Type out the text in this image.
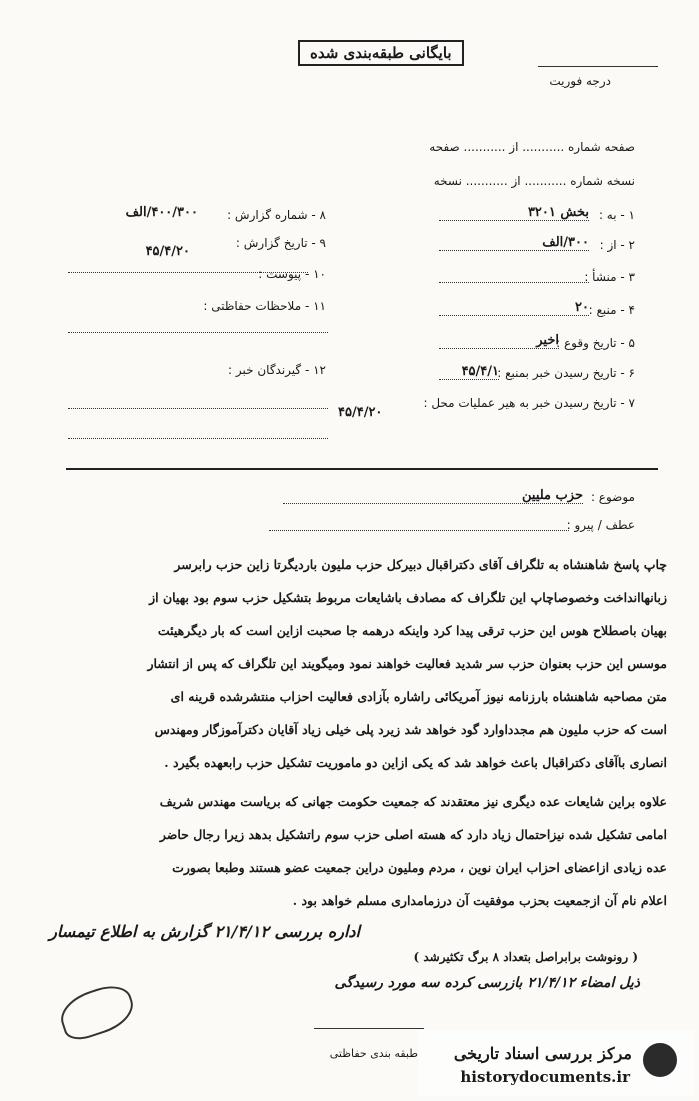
بایگانی طبقه‌بندی شده
درجه فوریت
صفحه شماره ........... از ........... صفحه
نسخه شماره ........... از ........... نسخه
۱ - به :
بخش ۳۲۰۱
۲ - از :
۳۰۰/الف
۳ - منشأ :
۴ - منبع :
۲۰
۵ - تاریخ وقوع :
اخیر
۶ - تاریخ رسیدن خبر بمنبع :
۴۵/۴/۱
۷ - تاریخ رسیدن خبر به هیر عملیات محل :
۴۵/۴/۲۰
۸ - شماره گزارش :
۴۰۰/۳۰۰/الف
۹ - تاریخ گزارش :
۴۵/۴/۲۰
۱۰ - پیوست :
۱۱ - ملاحظات حفاظتی :
۱۲ - گیرندگان خبر :
موضوع :
حزب ملیین
عطف / پیرو :
چاپ پاسخ شاهنشاه به تلگراف آقای دکتراقبال دبیرکل حزب ملیون باردیگرتا زاین حزب رابرسر
زبانهاانداخت وخصوصاچاپ این تلگراف که مصادف باشایعات مربوط بتشکیل حزب سوم بود بهیان از
بهیان باصطلاح هوس این حزب ترقی پیدا کرد واینکه درهمه جا صحبت ازاین است که بار دیگرهیئت
موسس این حزب بعنوان حزب سر شدید فعالیت خواهند نمود ومیگویند این تلگراف که پس از انتشار
متن مصاحبه شاهنشاه بارزنامه نیوز آمریکائی راشاره بآزادی فعالیت احزاب منتشرشده قرینه ای
است که حزب ملیون هم مجدداوارد گود خواهد شد زیرد پلی خیلی زیاد آقایان دکترآموزگار ومهندس
انصاری باآقای دکتراقبال باعث خواهد شد که یکی ازاین دو ماموریت تشکیل حزب رابعهده بگیرد .
علاوه براین شایعات عده دیگری نیز معتقدند که جمعیت حکومت جهانی که بریاست مهندس شریف
امامی تشکیل شده نیزاحتمال زیاد دارد که هسته اصلی حزب سوم راتشکیل بدهد زیرا رجال حاضر
عده زیادی ازاعضای احزاب ایران نوین ، مردم وملیون دراین جمعیت عضو هستند وطبعا بصورت
اعلام نام آن ازجمعیت بحزب موفقیت آن درزمامداری مسلم خواهد بود .
( رونوشت برابراصل بتعداد ۸ برگ تکثیرشد )
اداره بررسی ۲۱/۴/۱۲ گزارش به اطلاع تیمسار
ذیل امضاء ۲۱/۴/۱۲ بازرسی کرده سه مورد رسیدگی
طبقه بندی حفاظتی	مرکز بررسی اسناد تاریخی
historydocuments.ir
